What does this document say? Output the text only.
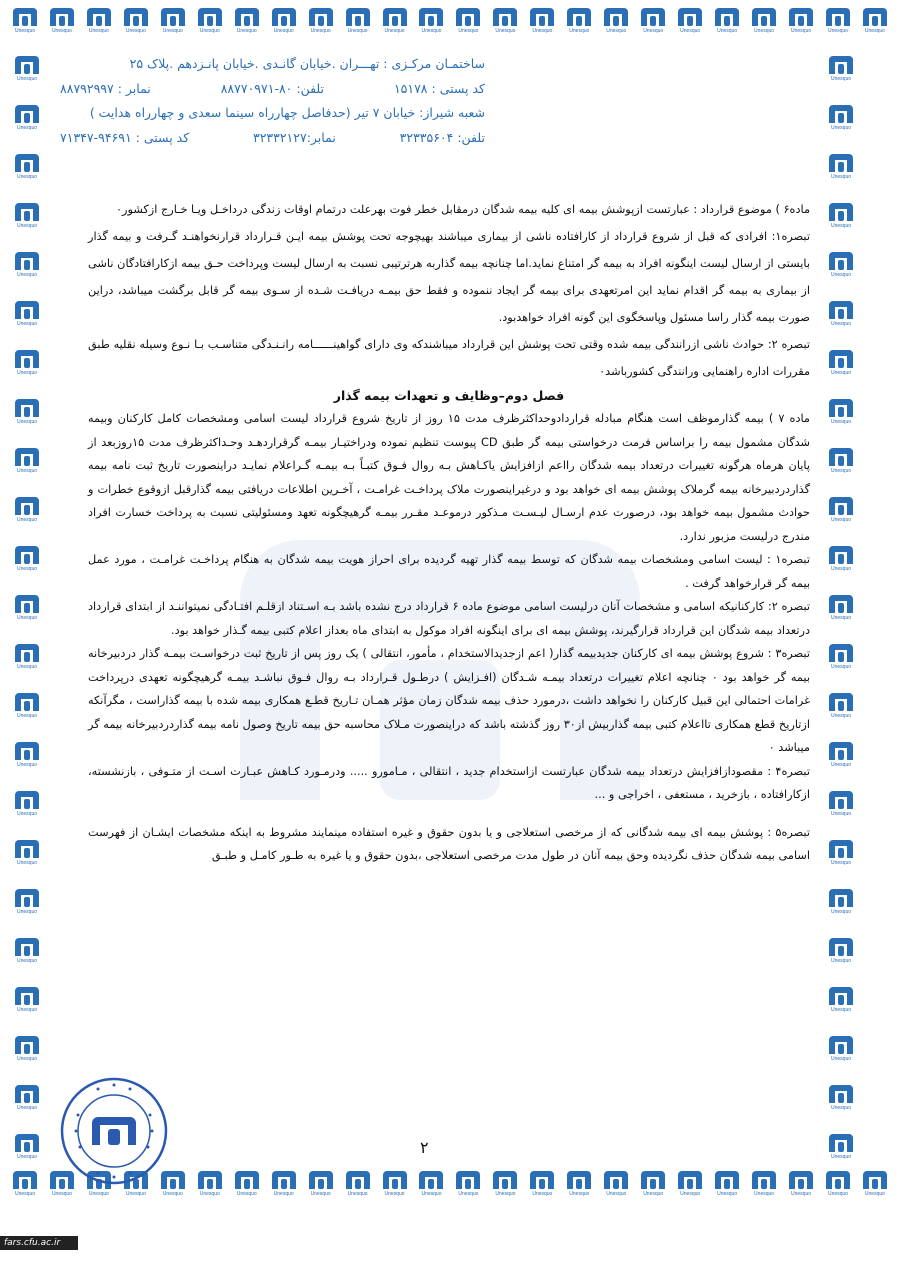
Unesquo	Unesquo	Unesquo	Unesquo	Unesquo	Unesquo	Unesquo	Unesquo	Unesquo	Unesquo	Unesquo	Unesquo	Unesquo	Unesquo	Unesquo	Unesquo	Unesquo	Unesquo	Unesquo	Unesquo	Unesquo	Unesquo	Unesquo	Unesquo
Unesquo	Unesquo	Unesquo	Unesquo	Unesquo	Unesquo	Unesquo	Unesquo	Unesquo	Unesquo	Unesquo	Unesquo	Unesquo	Unesquo	Unesquo	Unesquo	Unesquo	Unesquo	Unesquo	Unesquo	Unesquo	Unesquo	Unesquo	Unesquo
Unesquo
Unesquo
Unesquo
Unesquo
Unesquo
Unesquo
Unesquo
Unesquo
Unesquo
Unesquo
Unesquo
Unesquo
Unesquo
Unesquo
Unesquo
Unesquo
Unesquo
Unesquo
Unesquo
Unesquo
Unesquo
Unesquo
Unesquo
Unesquo
Unesquo
Unesquo
Unesquo
Unesquo
Unesquo
Unesquo
Unesquo
Unesquo
Unesquo
Unesquo
Unesquo
Unesquo
Unesquo
Unesquo
Unesquo
Unesquo
Unesquo
Unesquo
Unesquo
Unesquo
Unesquo
Unesquo
ساختمـان مرکـزی : تهـــران .خیابان گانـدی .خیابان پانـزدهم .پلاک ۲۵
کد پستی : ۱۵۱۷۸
تلفن: ۸۰-۸۸۷۷۰۹۷۱
نمابر : ۸۸۷۹۲۹۹۷
شعبه شیراز: خیابان ۷ تیر (حدفاصل چهارراه سینما سعدی و چهارراه هدایت )
تلفن: ۳۲۳۳۵۶۰۴
نمابر:۳۲۳۳۲۱۲۷
کد پستی : ۹۴۶۹۱-۷۱۳۴۷

ماده۶ ) موضوع قرارداد : عبارتست ازپوشش بیمه ای کلیه بیمه شدگان درمقابل خطر فوت بهرعلت درتمام اوقات زندگی درداخـل ویـا خـارج ازکشور۰

تبصره۱: افرادی که قبل از شروع قرارداد از کارافتاده ناشی از بیماری میباشند بهیچوجه تحت پوشش بیمه ایـن قـرارداد قرارنخواهنـد گـرفت و بیمه گذار بایستی از ارسال لیست اینگونه افراد به بیمه گر امتناع نماید.اما چنانچه بیمه گذاربه هرترتیبی نسبت به ارسال لیست وپرداخت حـق بیمه ازکارافتادگان ناشی از بیماری به بیمه گر اقدام نماید این امرتعهدی برای بیمه گر ایجاد ننموده و فقط حق بیمـه دریافـت شـده از سـوی بیمه گر قابل برگشت میباشد، دراین صورت بیمه گذار راسا مسئول وپاسخگوی این گونه افراد خواهدبود.

تبصره ۲: حوادث ناشی ازرانندگی بیمه شده وقتی تحت پوشش این قرارداد میباشندکه وی دارای گواهینــــــامه رانـنـدگی متناسـب بـا نـوع وسیله نقلیه طبق مقررات اداره راهنمایی ورانندگی کشورباشد۰

فصل دوم–وظایف و تعهدات بیمه گذار

ماده ۷ ) بیمه گذارموظف است هنگام مبادله قراردادوحداکثرظرف مدت ۱۵ روز از تاریخ شروع قرارداد لیست اسامی ومشخصات کامل کارکنان وبیمه شدگان مشمول بیمه را براساس فرمت درخواستی بیمه گر طبق CD پیوست تنظیم نموده ودراختیـار بیمـه گرقراردهـد وحـداکثرظرف مدت ۱۵روزبعد از پایان هرماه هرگونه تغییرات درتعداد بیمه شدگان رااعم ازافزایش یاکـاهش بـه روال فـوق کتبـاً بـه بیمـه گـراعلام نمایـد دراینصورت تاریخ ثبت نامه بیمه گذاردردبیرخانه بیمه گرملاک پوشش بیمه ای خواهد بود و درغیراینصورت ملاک پرداخـت غرامـت ، آخـرین اطلاعات دریافتی بیمه گذارقبل ازوقوع خطرات و حوادث مشمول بیمه خواهد بود، درصورت عدم ارسـال لیـسـت مـذکور درموعـد مقـرر بیمـه گرهیچگونه تعهد ومسئولیتی نسبت به پرداخت خسارت افراد مندرج درلیست مزبور ندارد.

تبصره۱ : لیست اسامی ومشخصات بیمه شدگان که توسط بیمه گذار تهیه گردیده برای احراز هویت بیمه شدگان به هنگام پرداخـت غرامـت ، مورد عمل بیمه گر قرارخواهد گرفت .

تبصره ۲: کارکنانیکه اسامی و مشخصات آنان درلیست اسامی موضوع ماده ۶ قرارداد درج نشده باشد بـه اسـتناد ازقلـم افتـادگی نمیتواننـد از ابتدای قرارداد درتعداد بیمه شدگان این قرارداد قرارگیرند، پوشش بیمه ای برای اینگونه افراد موکول به ابتدای ماه بعداز اعلام کتبی بیمه گـذار خواهد بود.

تبصره۳ : شروع پوشش بیمه ای کارکنان جدیدبیمه گذار( اعم ازجدیدالاستخدام ، مأمور، انتقالی ) یک روز پس از تاریخ ثبت درخواسـت بیمـه گذار دردبیرخانه بیمه گر خواهد بود ۰ چنانچه اعلام تغییرات درتعداد بیمـه شـدگان (افـزایش ) درطـول قـرارداد بـه روال فـوق نباشـد بیمـه گرهیچگونه تعهدی درپرداخت غرامات احتمالی این قبیل کارکنان را نخواهد داشت ،درمورد حذف بیمه شدگان زمان مؤثر همـان تـاریخ قطـع همکاری بیمه شده با بیمه گذاراست ، مگرآنکه ازتاریخ قطع همکاری تااعلام کتبی بیمه گذاربیش از۳۰ روز گذشته باشد که دراینصورت مـلاک محاسبه حق بیمه تاریخ وصول نامه بیمه گذاردردبیرخانه بیمه گر میباشد ۰

تبصره۴ : مقصودازافزایش درتعداد بیمه شدگان عبارتست ازاستخدام جدید ، انتقالی ، مـامورو ..... ودرمـورد کـاهش عبـارت اسـت از متـوفی ، بازنشسته، ازکارافتاده ، بازخرید ، مستعفی ، اخراجی و ...

تبصره۵ : پوشش بیمه ای بیمه شدگانی که از مرخصی استعلاجی و یا بدون حقوق و غیره استفاده مینمایند مشروط به اینکه مشخصات ایشـان از فهرست اسامی بیمه شدگان حذف نگردیده وحق بیمه آنان در طول مدت مرخصی استعلاجی ،بدون حقوق و یا غیره به طـور کامـل و طبـق

۲
fars.cfu.ac.ir
